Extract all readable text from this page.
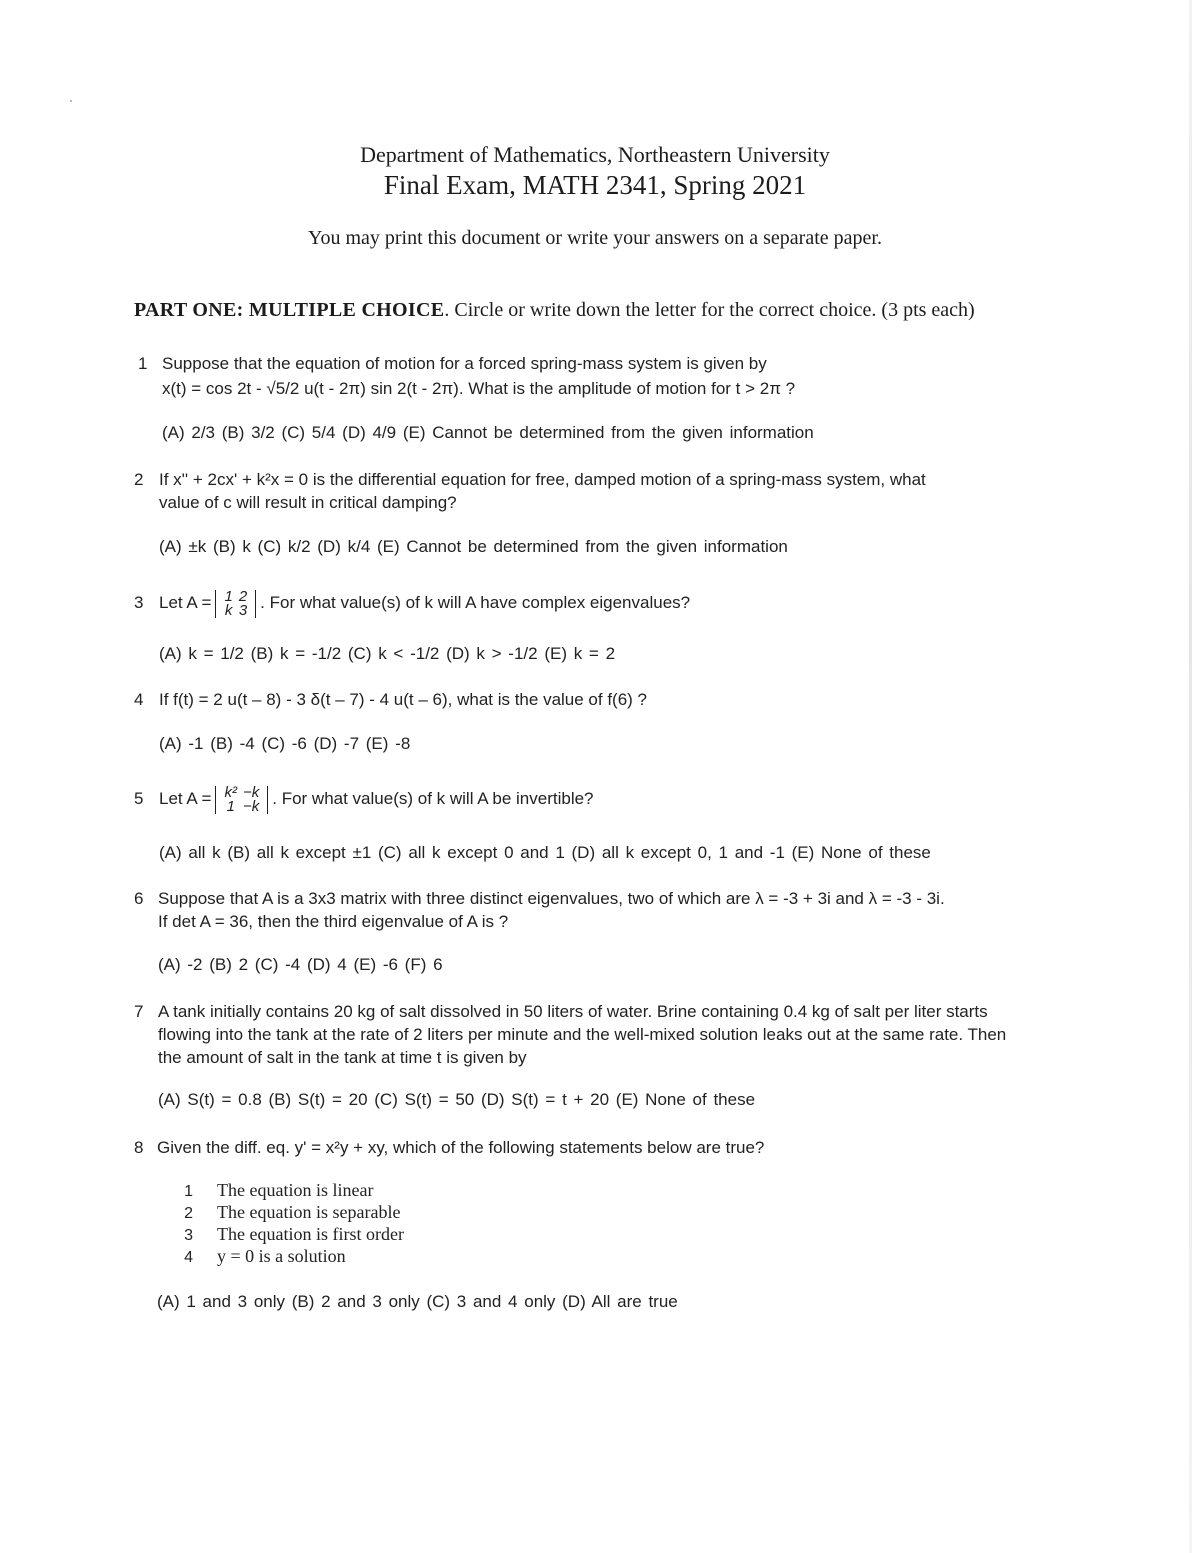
Department of Mathematics, Northeastern University
Final Exam, MATH 2341, Spring 2021
You may print this document or write your answers on a separate paper.
PART ONE: MULTIPLE CHOICE. Circle or write down the letter for the correct choice. (3 pts each)
1 Suppose that the equation of motion for a forced spring-mass system is given by
x(t) = cos 2t - √5/2 u(t - 2π) sin 2(t - 2π). What is the amplitude of motion for t > 2π ?
(A) 2/3 (B) 3/2 (C) 5/4 (D) 4/9 (E) Cannot be determined from the given information
2 If x'' + 2cx' + k²x = 0 is the differential equation for free, damped motion of a spring-mass system, what
value of c will result in critical damping?
(A) ±k (B) k (C) k/2 (D) k/4 (E) Cannot be determined from the given information
3 Let A = 1	2
k	3 . For what value(s) of k will A have complex eigenvalues?
(A) k = 1/2 (B) k = -1/2 (C) k < -1/2 (D) k > -1/2 (E) k = 2
4 If f(t) = 2 u(t – 8) - 3 δ(t – 7) - 4 u(t – 6), what is the value of f(6) ?
(A) -1 (B) -4 (C) -6 (D) -7 (E) -8
5 Let A = k²	−k
1	−k . For what value(s) of k will A be invertible?
(A) all k (B) all k except ±1 (C) all k except 0 and 1 (D) all k except 0, 1 and -1 (E) None of these
6 Suppose that A is a 3x3 matrix with three distinct eigenvalues, two of which are λ = -3 + 3i and λ = -3 - 3i.
If det A = 36, then the third eigenvalue of A is ?
(A) -2 (B) 2 (C) -4 (D) 4 (E) -6 (F) 6
7 A tank initially contains 20 kg of salt dissolved in 50 liters of water. Brine containing 0.4 kg of salt per liter starts
flowing into the tank at the rate of 2 liters per minute and the well-mixed solution leaks out at the same rate. Then
the amount of salt in the tank at time t is given by
(A) S(t) = 0.8 (B) S(t) = 20 (C) S(t) = 50 (D) S(t) = t + 20 (E) None of these
8 Given the diff. eq. y' = x²y + xy, which of the following statements below are true?
1 The equation is linear
2 The equation is separable
3 The equation is first order
4 y = 0 is a solution
(A) 1 and 3 only (B) 2 and 3 only (C) 3 and 4 only (D) All are true
